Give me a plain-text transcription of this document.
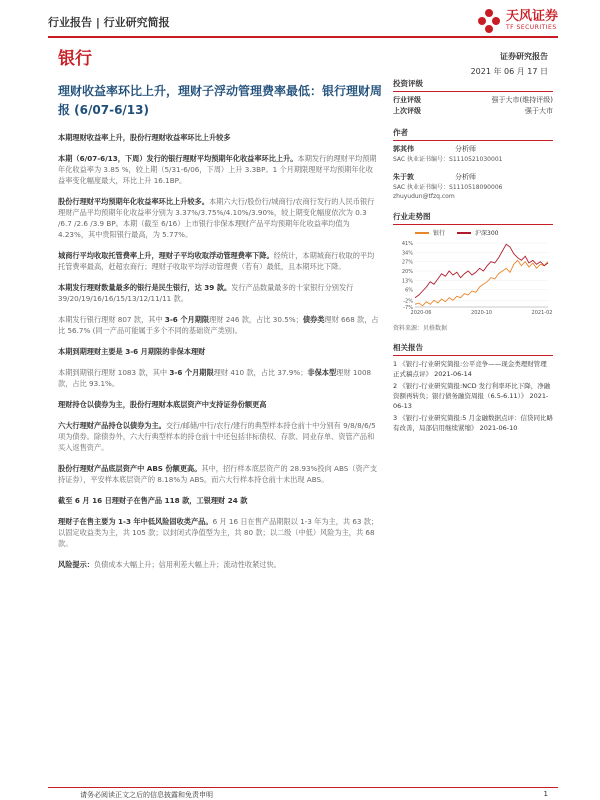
行业报告 | 行业研究简报	天风证券
TF SECURITIES
银行	证券研究报告
2021 年 06 月 17 日
理财收益率环比上升，理财子浮动管理费率最低：银行理财周报 (6/07-6/13)

本期理财收益率上升，股份行理财收益率环比上升较多

本期（6/07-6/13，下周）发行的银行理财平均预期年化收益率环比上升。本期发行的理财平均预期年化收益率为 3.85 %，较上期（5/31-6/06，下周）上升 3.3BP。1 个月期限理财平均预期年化收益率变化幅度最大，环比上升 16.1BP。

股份行理财平均预期年化收益率环比上升较多。本期六大行/股份行/城商行/农商行发行的人民币银行理财产品平均预期年化收益率分别为 3.37%/3.75%/4.10%/3.90%，较上期变化幅度依次为 0.3 /6.7 /2.6 /3.9 BP。本期（截至 6/16）上市银行非保本理财产品平均预期年化收益率均值为 4.23%，其中贵阳银行最高，为 5.77%。

城商行平均收取托管费率上升，理财子平均收取浮动管理费率下降。经统计，本期城商行收取的平均托管费率最高，赶超农商行；理财子收取平均浮动管理费（若有）最低，且本期环比下降。

本期发行理财数量最多的银行是民生银行，达 39 款。发行产品数量最多的十家银行分别发行 39/20/19/16/16/15/13/12/11/11 款。

本期发行银行理财 807 款，其中 3-6 个月期限理财 246 款，占比 30.5%；债券类理财 668 款，占比 56.7% (同一产品可能属于多个不同的基础资产类别)。

本期到期理财主要是 3-6 月期限的非保本理财

本期到期银行理财 1083 款，其中 3-6 个月期限理财 410 款，占比 37.9%；非保本型理财 1008 款，占比 93.1%。

理财持仓以债券为主，股份行理财本底层资产中支持证券份额更高

六大行理财产品持仓以债券为主。交行/邮储/中行/农行/建行的典型样本持仓前十中分别有 9/8/8/6/5 项为债券。除债券外，六大行典型样本的持仓前十中还包括非标债权、存款、同业存单、资管产品和买入返售资产。

股份行理财产品底层资产中 ABS 份额更高。其中，招行样本底层资产的 28.93%投向 ABS（资产支持证券），平安样本底层资产的 8.18%为 ABS。而六大行样本持仓前十未出现 ABS。

截至 6 月 16 日理财子在售产品 118 款，工银理财 24 款

理财子在售主要为 1-3 年中低风险固收类产品。6 月 16 日在售产品期限以 1-3 年为主，共 63 款；以固定收益类为主，共 105 款；以封闭式净值型为主，共 80 款；以二级（中低）风险为主，共 68 款。

风险提示：负债成本大幅上升；信用利差大幅上升；流动性收紧过快。

投资评级
行业评级	强于大市(维持评级)
上次评级	强于大市
作者
郭其伟	分析师
SAC 执业证书编号：S1110521030001
朱于敦	分析师
SAC 执业证书编号：S1110518090006
zhuyudun@tfzq.com
行业走势图
银行	沪深300
-7%
-2%
6%
13%
20%
27%
34%
41%
2020-06	2020-10	2021-02
资料来源：贝格数据
相关报告
1 《银行-行业研究简报:公平竞争——现金类理财管理正式稿点评》 2021-06-14
2 《银行-行业研究简报:NCD 发行利率环比下降，净融资额再转负；银行债务融资周报（6.5-6.11）》 2021-06-13
3 《银行-行业研究简报:5 月金融数据点评：信贷同比略有改善，局部信用继续紧缩》 2021-06-10
请务必阅读正文之后的信息披露和免责申明	1
